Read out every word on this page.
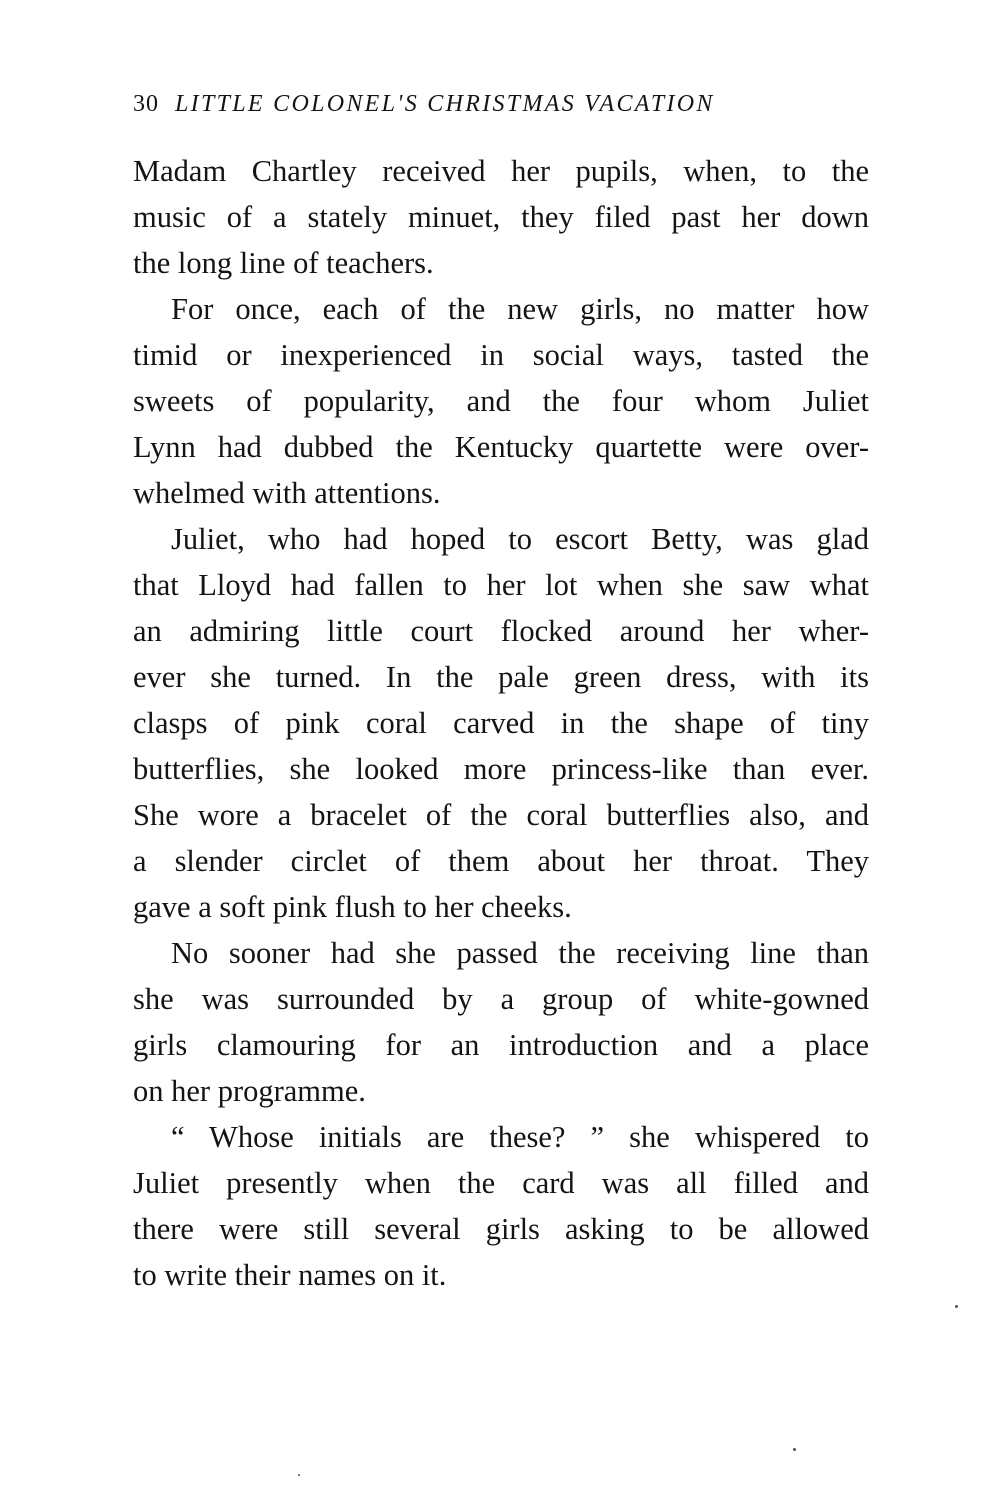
30 LITTLE COLONEL'S CHRISTMAS VACATION
Madam Chartley received her pupils, when, to the
music of a stately minuet, they filed past her down
the long line of teachers.
For once, each of the new girls, no matter how
timid or inexperienced in social ways, tasted the
sweets of popularity, and the four whom Juliet
Lynn had dubbed the Kentucky quartette were over-
whelmed with attentions.
Juliet, who had hoped to escort Betty, was glad
that Lloyd had fallen to her lot when she saw what
an admiring little court flocked around her wher-
ever she turned. In the pale green dress, with its
clasps of pink coral carved in the shape of tiny
butterflies, she looked more princess-like than ever.
She wore a bracelet of the coral butterflies also, and
a slender circlet of them about her throat. They
gave a soft pink flush to her cheeks.
No sooner had she passed the receiving line than
she was surrounded by a group of white-gowned
girls clamouring for an introduction and a place
on her programme.
“ Whose initials are these? ” she whispered to
Juliet presently when the card was all filled and
there were still several girls asking to be allowed
to write their names on it.
